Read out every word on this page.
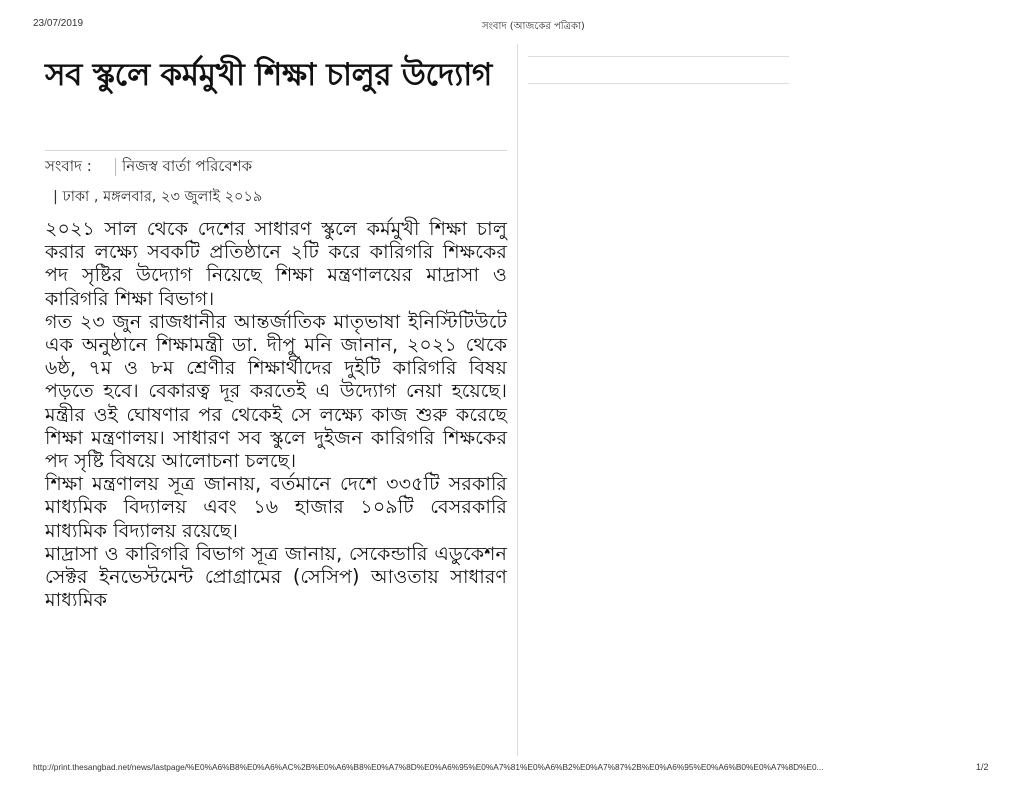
23/07/2019	সংবাদ (আজকের পত্রিকা)
সব স্কুলে কর্মমুখী শিক্ষা চালুর উদ্যোগ
সংবাদ : নিজস্ব বার্তা পরিবেশক
| ঢাকা , মঙ্গলবার, ২৩ জুলাই ২০১৯

২০২১ সাল থেকে দেশের সাধারণ স্কুলে কর্মমুখী শিক্ষা চালু করার লক্ষ্যে সবকটি প্রতিষ্ঠানে ২টি করে কারিগরি শিক্ষকের পদ সৃষ্টির উদ্যোগ নিয়েছে শিক্ষা মন্ত্রণালয়ের মাদ্রাসা ও কারিগরি শিক্ষা বিভাগ।

গত ২৩ জুন রাজধানীর আন্তর্জাতিক মাতৃভাষা ইনিস্টিটিউটে এক অনুষ্ঠানে শিক্ষামন্ত্রী ডা. দীপু মনি জানান, ২০২১ থেকে ৬ষ্ঠ, ৭ম ও ৮ম শ্রেণীর শিক্ষার্থীদের দুইটি কারিগরি বিষয় পড়তে হবে। বেকারত্ব দূর করতেই এ উদ্যোগ নেয়া হয়েছে। মন্ত্রীর ওই ঘোষণার পর থেকেই সে লক্ষ্যে কাজ শুরু করেছে শিক্ষা মন্ত্রণালয়। সাধারণ সব স্কুলে দুইজন কারিগরি শিক্ষকের পদ সৃষ্টি বিষয়ে আলোচনা চলছে।

শিক্ষা মন্ত্রণালয় সূত্র জানায়, বর্তমানে দেশে ৩৩৫টি সরকারি মাধ্যমিক বিদ্যালয় এবং ১৬ হাজার ১০৯টি বেসরকারি মাধ্যমিক বিদ্যালয় রয়েছে।

মাদ্রাসা ও কারিগরি বিভাগ সূত্র জানায়, সেকেন্ডারি এডুকেশন সেক্টর ইনভেস্টমেন্ট প্রোগ্রামের (সেসিপ) আওতায় সাধারণ মাধ্যমিক

http://print.thesangbad.net/news/lastpage/%E0%A6%B8%E0%A6%AC%2B%E0%A6%B8%E0%A7%8D%E0%A6%95%E0%A7%81%E0%A6%B2%E0%A7%87%2B%E0%A6%95%E0%A6%B0%E0%A7%8D%E0...	1/2
